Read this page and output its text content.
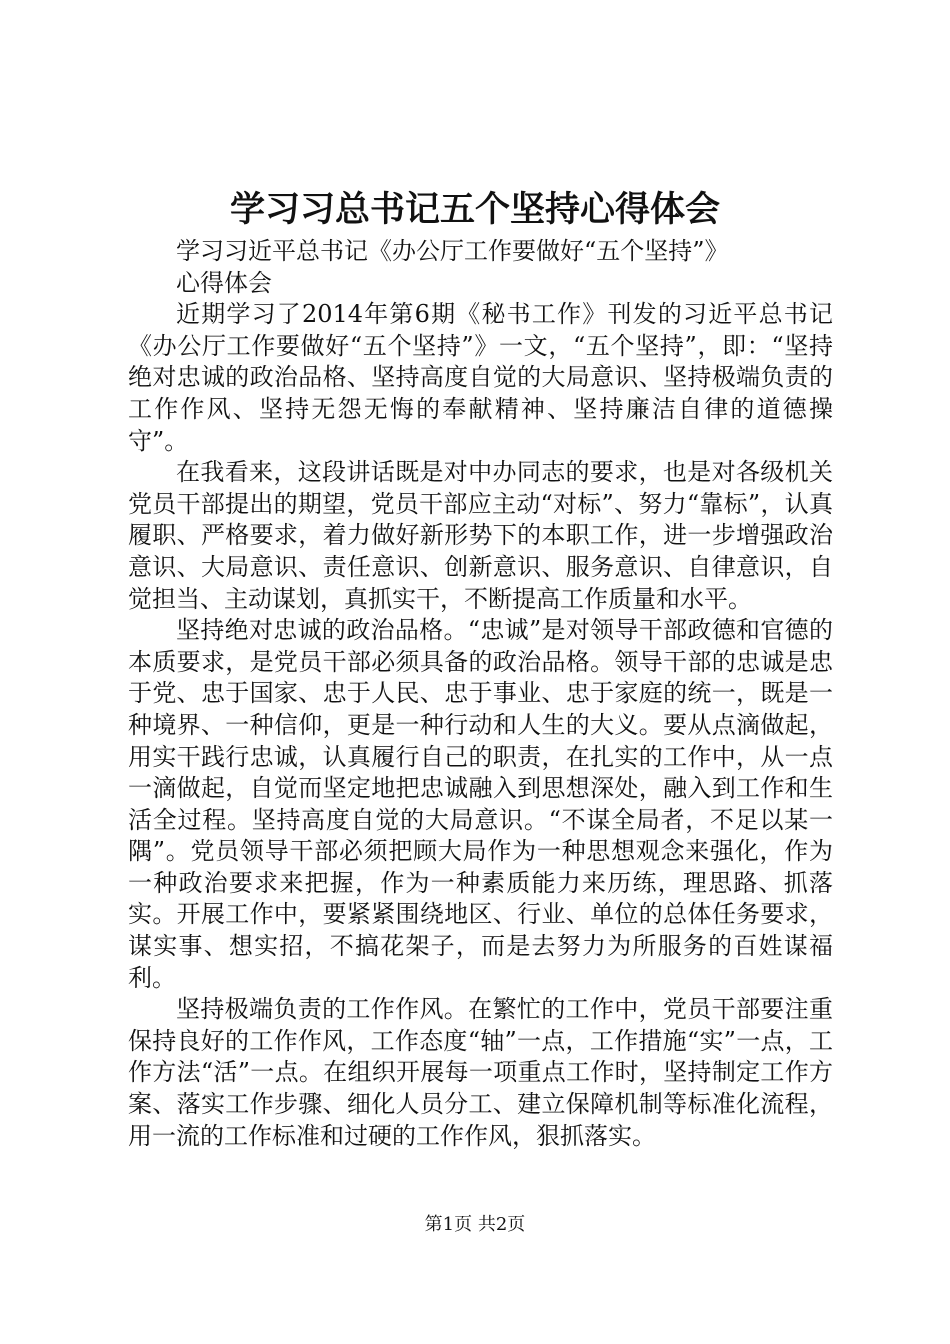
学习习总书记五个坚持心得体会
学习习近平总书记《办公厅工作要做好“五个坚持”》
心得体会

近期学习了2014年第6期《秘书工作》刊发的习近平总书记《办公厅工作要做好“五个坚持”》一文，“五个坚持”，即：“坚持绝对忠诚的政治品格、坚持高度自觉的大局意识、坚持极端负责的工作作风、坚持无怨无悔的奉献精神、坚持廉洁自律的道德操守”。

在我看来，这段讲话既是对中办同志的要求，也是对各级机关党员干部提出的期望，党员干部应主动“对标”、努力“靠标”，认真履职、严格要求，着力做好新形势下的本职工作，进一步增强政治意识、大局意识、责任意识、创新意识、服务意识、自律意识，自觉担当、主动谋划，真抓实干，不断提高工作质量和水平。

坚持绝对忠诚的政治品格。“忠诚”是对领导干部政德和官德的本质要求，是党员干部必须具备的政治品格。领导干部的忠诚是忠于党、忠于国家、忠于人民、忠于事业、忠于家庭的统一，既是一种境界、一种信仰，更是一种行动和人生的大义。要从点滴做起，用实干践行忠诚，认真履行自己的职责，在扎实的工作中，从一点一滴做起，自觉而坚定地把忠诚融入到思想深处，融入到工作和生活全过程。坚持高度自觉的大局意识。“不谋全局者，不足以某一隅”。党员领导干部必须把顾大局作为一种思想观念来强化，作为一种政治要求来把握，作为一种素质能力来历练，理思路、抓落实。开展工作中，要紧紧围绕地区、行业、单位的总体任务要求，谋实事、想实招，不搞花架子，而是去努力为所服务的百姓谋福利。

坚持极端负责的工作作风。在繁忙的工作中，党员干部要注重保持良好的工作作风，工作态度“轴”一点，工作措施“实”一点，工作方法“活”一点。在组织开展每一项重点工作时，坚持制定工作方案、落实工作步骤、细化人员分工、建立保障机制等标准化流程，用一流的工作标准和过硬的工作作风，狠抓落实。

第1页 共2页
